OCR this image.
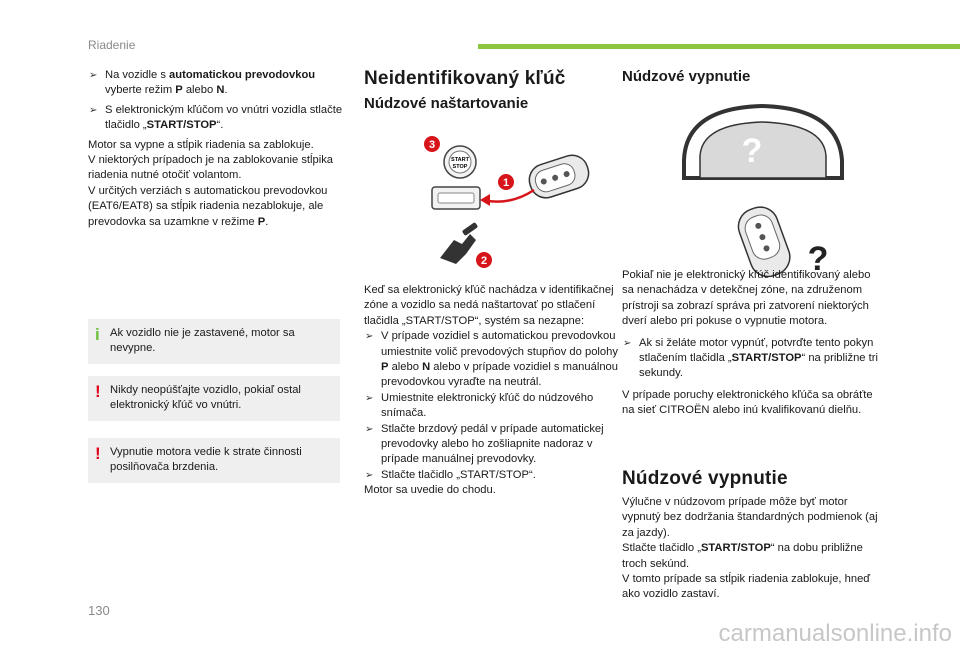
Riadenie
➢ Na vozidle s automatickou prevodovkou vyberte režim P alebo N.
➢ S elektronickým kľúčom vo vnútri vozidla stlačte tlačidlo „START/STOP“.

Motor sa vypne a stĺpik riadenia sa zablokuje.

V niektorých prípadoch je na zablokovanie stĺpika riadenia nutné otočiť volantom.

V určitých verziách s automatickou prevodovkou (EAT6/EAT8) sa stĺpik riadenia nezablokuje, ale prevodovka sa uzamkne v režime P.

i Ak vozidlo nie je zastavené, motor sa nevypne.
! Nikdy neopúšťajte vozidlo, pokiaľ ostal elektronický kľúč vo vnútri.
! Vypnutie motora vedie k strate činnosti posilňovača brzdenia.
Neidentifikovaný kľúč
Núdzové naštartovanie
START
STOP
1
2
3

Keď sa elektronický kľúč nachádza v identifikačnej zóne a vozidlo sa nedá naštartovať po stlačení tlačidla „START/STOP“, systém sa nezapne:

➢ V prípade vozidiel s automatickou prevodovkou umiestnite volič prevodových stupňov do polohy P alebo N alebo v prípade vozidiel s manuálnou prevodovkou vyraďte na neutrál.
➢ Umiestnite elektronický kľúč do núdzového snímača.
➢ Stlačte brzdový pedál v prípade automatickej prevodovky alebo ho zošliapnite nadoraz v prípade manuálnej prevodovky.
➢ Stlačte tlačidlo „START/STOP“.

Motor sa uvedie do chodu.

Núdzové vypnutie
?
?

Pokiaľ nie je elektronický kľúč identifikovaný alebo sa nenachádza v detekčnej zóne, na združenom prístroji sa zobrazí správa pri zatvorení niektorých dverí alebo pri pokuse o vypnutie motora.

➢ Ak si želáte motor vypnúť, potvrďte tento pokyn stlačením tlačidla „START/STOP“ na približne tri sekundy.

V prípade poruchy elektronického kľúča sa obráťte na sieť CITROËN alebo inú kvalifikovanú dielňu.

Núdzové vypnutie

Výlučne v núdzovom prípade môže byť motor vypnutý bez dodržania štandardných podmienok (aj za jazdy).

Stlačte tlačidlo „START/STOP“ na dobu približne troch sekúnd.

V tomto prípade sa stĺpik riadenia zablokuje, hneď ako vozidlo zastaví.

130
carmanualsonline.info
